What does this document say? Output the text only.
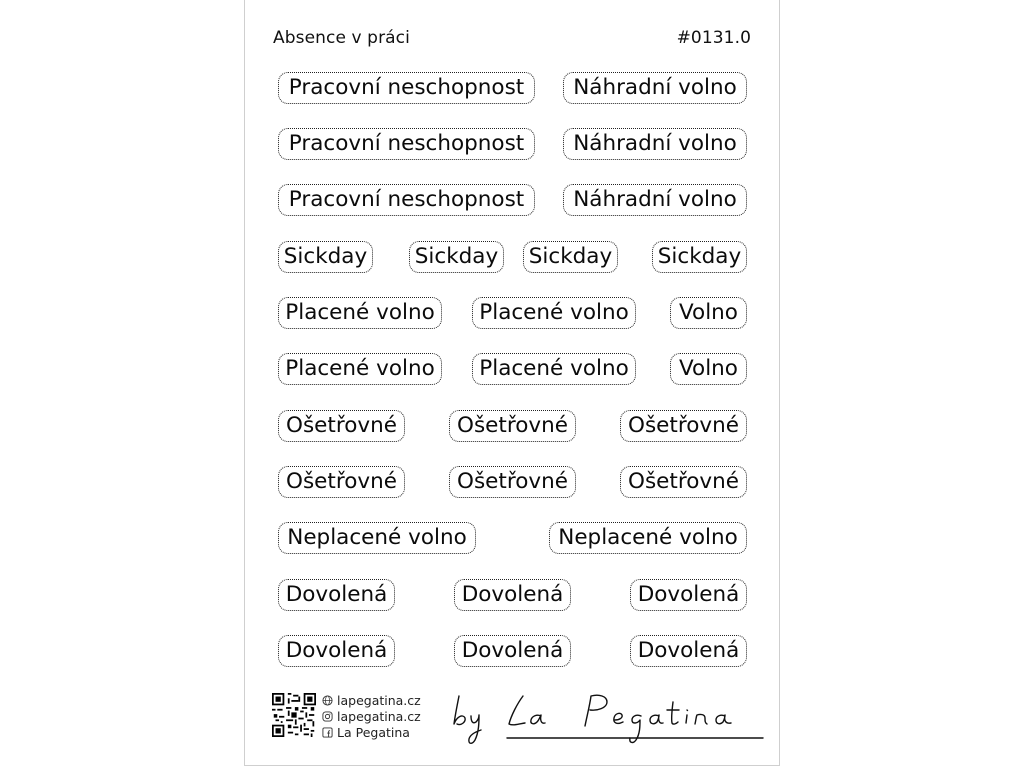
Absence v práci	#0131.0
Pracovní neschopnost	Náhradní volno
Pracovní neschopnost	Náhradní volno
Pracovní neschopnost	Náhradní volno
Sickday Sickday Sickday Sickday
Placené volno	Placené volno	Volno
Placené volno	Placené volno	Volno
Ošetřovné	Ošetřovné	Ošetřovné
Ošetřovné	Ošetřovné	Ošetřovné
Neplacené volno	Neplacené volno
Dovolená	Dovolená	Dovolená
Dovolená	Dovolená	Dovolená
lapegatina.cz
lapegatina.cz
La Pegatina
